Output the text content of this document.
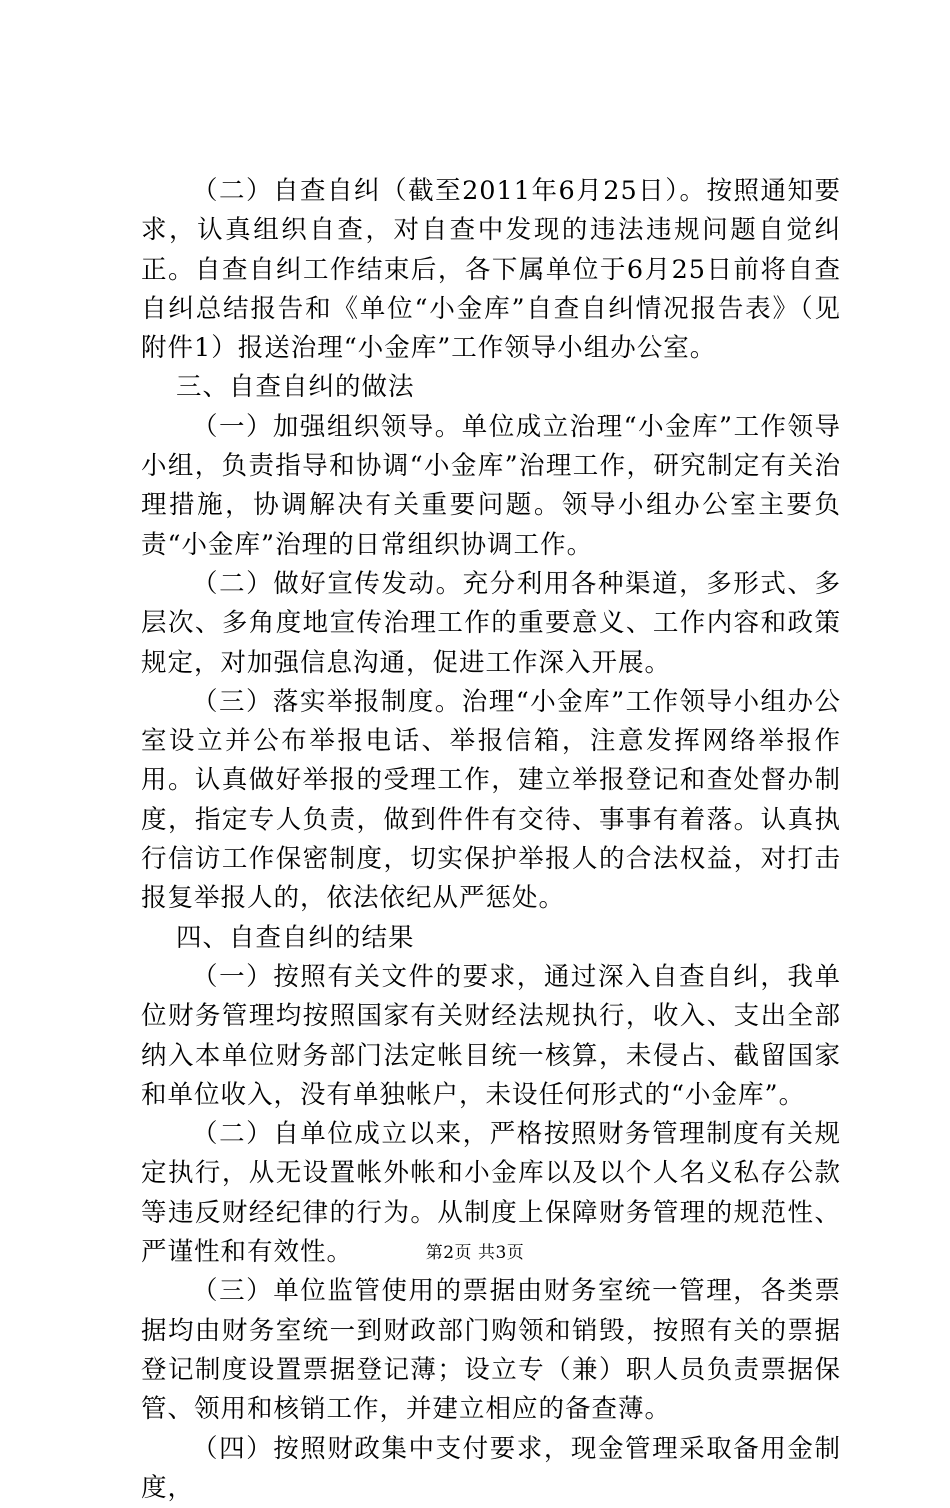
（二）自查自纠（截至2011年6月25日）。按照通知要求，认真组织自查，对自查中发现的违法违规问题自觉纠正。自查自纠工作结束后，各下属单位于6月25日前将自查自纠总结报告和《单位“小金库”自查自纠情况报告表》（见附件1）报送治理“小金库”工作领导小组办公室。

三、自查自纠的做法

（一）加强组织领导。单位成立治理“小金库”工作领导小组，负责指导和协调“小金库”治理工作，研究制定有关治理措施，协调解决有关重要问题。领导小组办公室主要负责“小金库”治理的日常组织协调工作。

（二）做好宣传发动。充分利用各种渠道，多形式、多层次、多角度地宣传治理工作的重要意义、工作内容和政策规定，对加强信息沟通，促进工作深入开展。

（三）落实举报制度。治理“小金库”工作领导小组办公室设立并公布举报电话、举报信箱，注意发挥网络举报作用。认真做好举报的受理工作，建立举报登记和查处督办制度，指定专人负责，做到件件有交待、事事有着落。认真执行信访工作保密制度，切实保护举报人的合法权益，对打击报复举报人的，依法依纪从严惩处。

四、自查自纠的结果

（一）按照有关文件的要求，通过深入自查自纠，我单位财务管理均按照国家有关财经法规执行，收入、支出全部纳入本单位财务部门法定帐目统一核算，未侵占、截留国家和单位收入，没有单独帐户，未设任何形式的“小金库”。

（二）自单位成立以来，严格按照财务管理制度有关规定执行，从无设置帐外帐和小金库以及以个人名义私存公款等违反财经纪律的行为。从制度上保障财务管理的规范性、严谨性和有效性。

（三）单位监管使用的票据由财务室统一管理，各类票据均由财务室统一到财政部门购领和销毁，按照有关的票据登记制度设置票据登记薄；设立专（兼）职人员负责票据保管、领用和核销工作，并建立相应的备查薄。

（四）按照财政集中支付要求，现金管理采取备用金制度，

第2页 共3页
